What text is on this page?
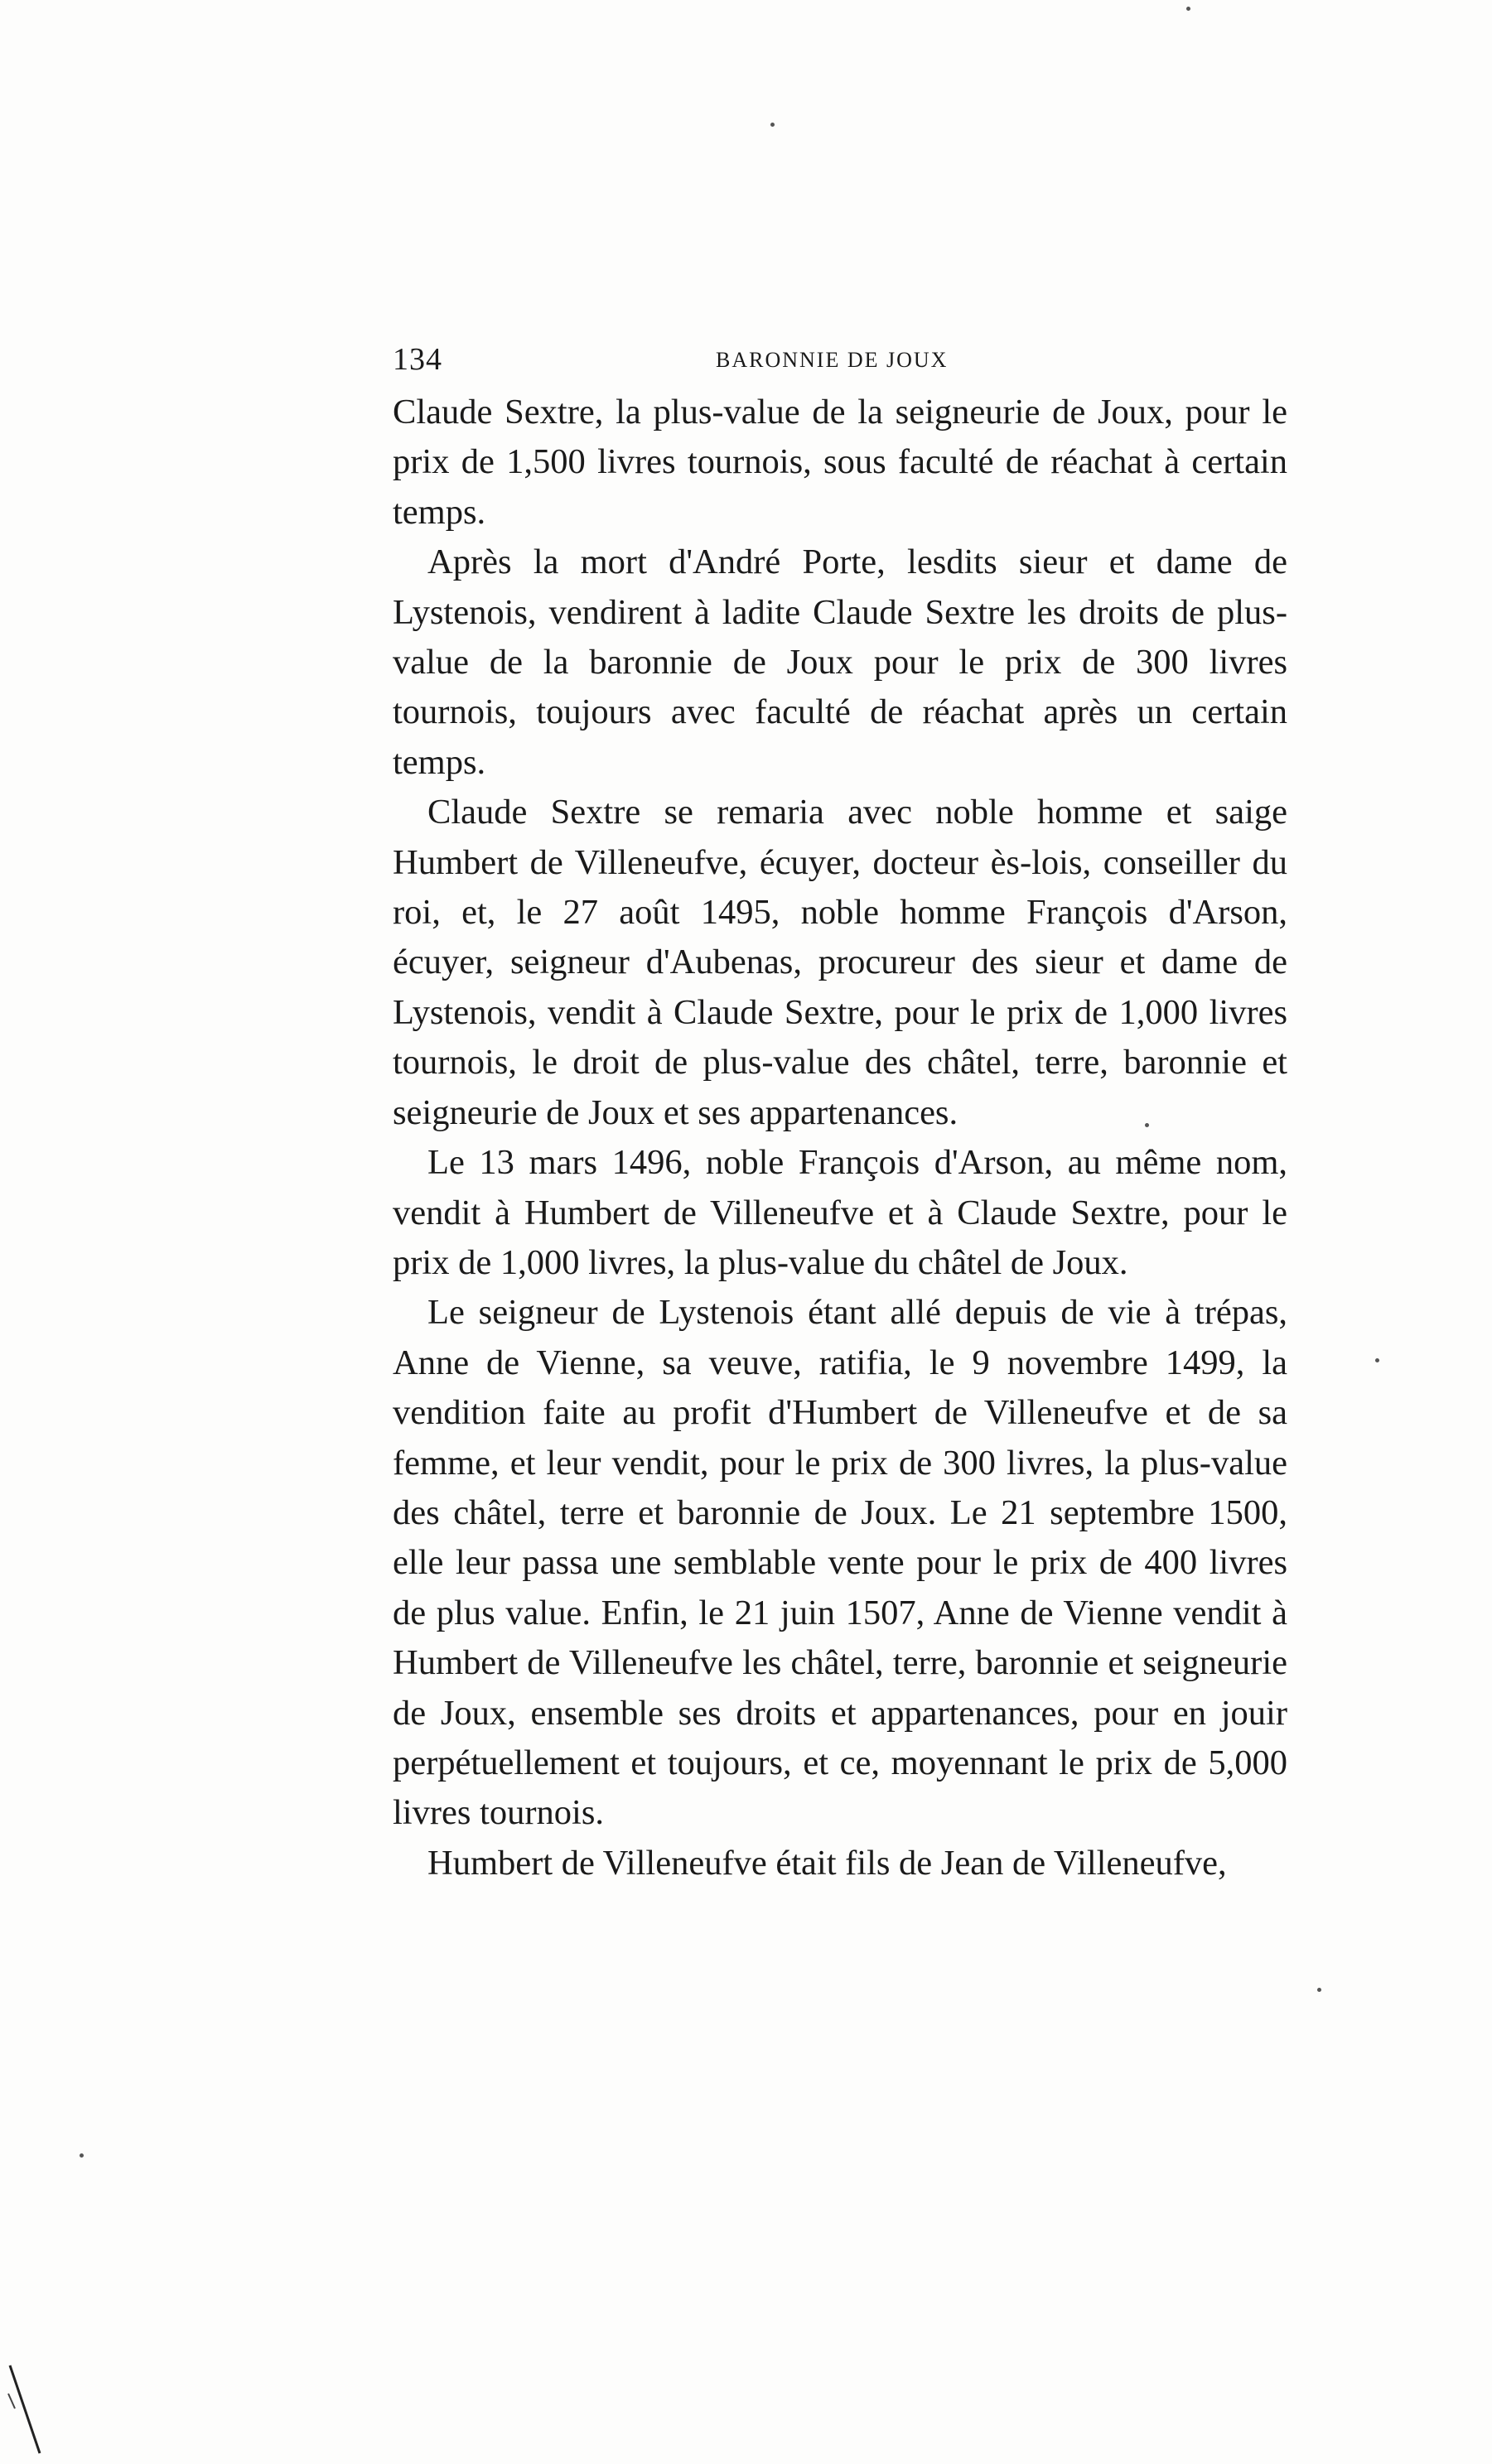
134	BARONNIE DE JOUX

Claude Sextre, la plus-value de la seigneurie de Joux, pour le prix de 1,500 livres tournois, sous faculté de réachat à certain temps.

Après la mort d'André Porte, lesdits sieur et dame de Lystenois, vendirent à ladite Claude Sextre les droits de plus-value de la baronnie de Joux pour le prix de 300 livres tournois, toujours avec faculté de réachat après un certain temps.

Claude Sextre se remaria avec noble homme et saige Humbert de Villeneufve, écuyer, docteur ès-lois, conseiller du roi, et, le 27 août 1495, noble homme François d'Arson, écuyer, seigneur d'Aubenas, procureur des sieur et dame de Lystenois, vendit à Claude Sextre, pour le prix de 1,000 livres tournois, le droit de plus-value des châtel, terre, baronnie et seigneurie de Joux et ses appartenances.

Le 13 mars 1496, noble François d'Arson, au même nom, vendit à Humbert de Villeneufve et à Claude Sextre, pour le prix de 1,000 livres, la plus-value du châtel de Joux.

Le seigneur de Lystenois étant allé depuis de vie à trépas, Anne de Vienne, sa veuve, ratifia, le 9 novembre 1499, la vendition faite au profit d'Humbert de Villeneufve et de sa femme, et leur vendit, pour le prix de 300 livres, la plus-value des châtel, terre et baronnie de Joux. Le 21 septembre 1500, elle leur passa une semblable vente pour le prix de 400 livres de plus value. Enfin, le 21 juin 1507, Anne de Vienne vendit à Humbert de Villeneufve les châtel, terre, baronnie et seigneurie de Joux, ensemble ses droits et appartenances, pour en jouir perpétuellement et toujours, et ce, moyennant le prix de 5,000 livres tournois.

Humbert de Villeneufve était fils de Jean de Villeneufve,
